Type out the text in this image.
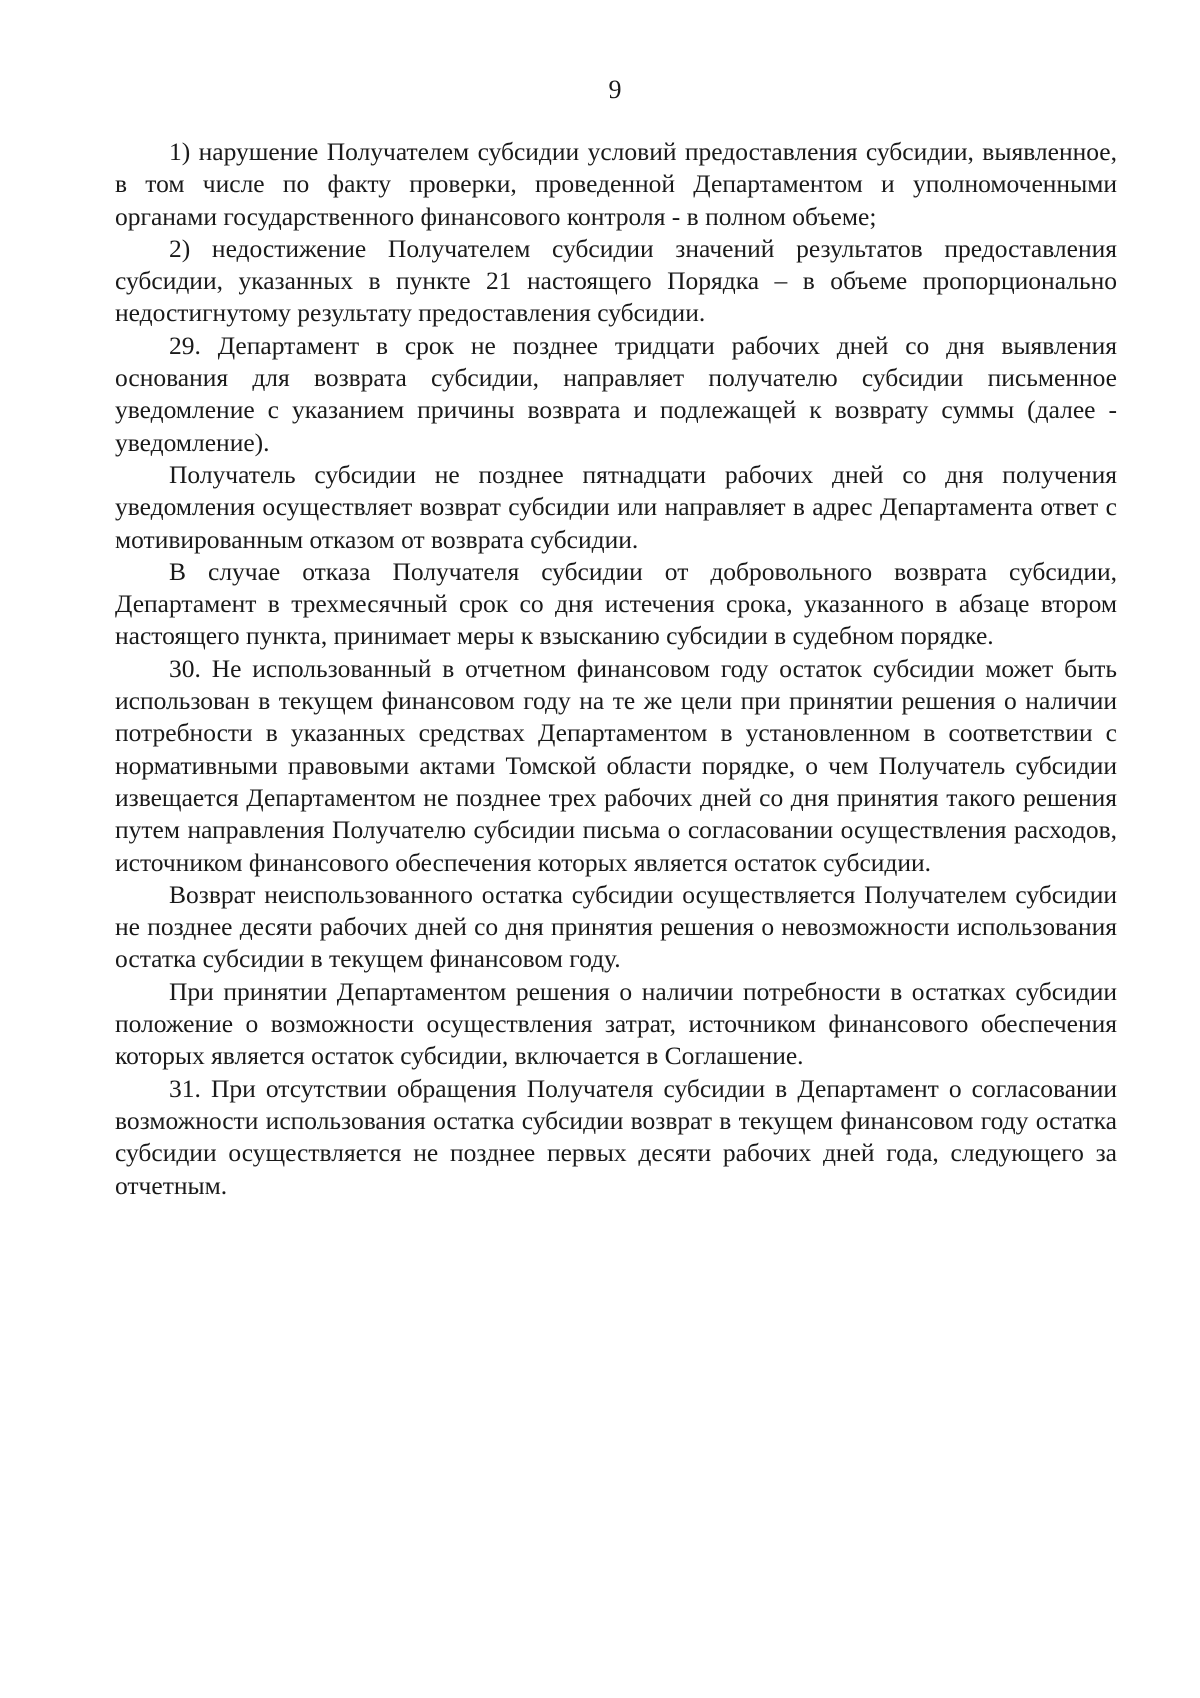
9

1) нарушение Получателем субсидии условий предоставления субсидии, выявленное, в том числе по факту проверки, проведенной Департаментом и уполномоченными органами государственного финансового контроля - в полном объеме;

2) недостижение Получателем субсидии значений результатов предоставления субсидии, указанных в пункте 21 настоящего Порядка – в объеме пропорционально недостигнутому результату предоставления субсидии.

29. Департамент в срок не позднее тридцати рабочих дней со дня выявления основания для возврата субсидии, направляет получателю субсидии письменное уведомление с указанием причины возврата и подлежащей к возврату суммы (далее - уведомление).

Получатель субсидии не позднее пятнадцати рабочих дней со дня получения уведомления осуществляет возврат субсидии или направляет в адрес Департамента ответ с мотивированным отказом от возврата субсидии.

В случае отказа Получателя субсидии от добровольного возврата субсидии, Департамент в трехмесячный срок со дня истечения срока, указанного в абзаце втором настоящего пункта, принимает меры к взысканию субсидии в судебном порядке.

30. Не использованный в отчетном финансовом году остаток субсидии может быть использован в текущем финансовом году на те же цели при принятии решения о наличии потребности в указанных средствах Департаментом в установленном в соответствии с нормативными правовыми актами Томской области порядке, о чем Получатель субсидии извещается Департаментом не позднее трех рабочих дней со дня принятия такого решения путем направления Получателю субсидии письма о согласовании осуществления расходов, источником финансового обеспечения которых является остаток субсидии.

Возврат неиспользованного остатка субсидии осуществляется Получателем субсидии не позднее десяти рабочих дней со дня принятия решения о невозможности использования остатка субсидии в текущем финансовом году.

При принятии Департаментом решения о наличии потребности в остатках субсидии положение о возможности осуществления затрат, источником финансового обеспечения которых является остаток субсидии, включается в Соглашение.

31. При отсутствии обращения Получателя субсидии в Департамент о согласовании возможности использования остатка субсидии возврат в текущем финансовом году остатка субсидии осуществляется не позднее первых десяти рабочих дней года, следующего за отчетным.
